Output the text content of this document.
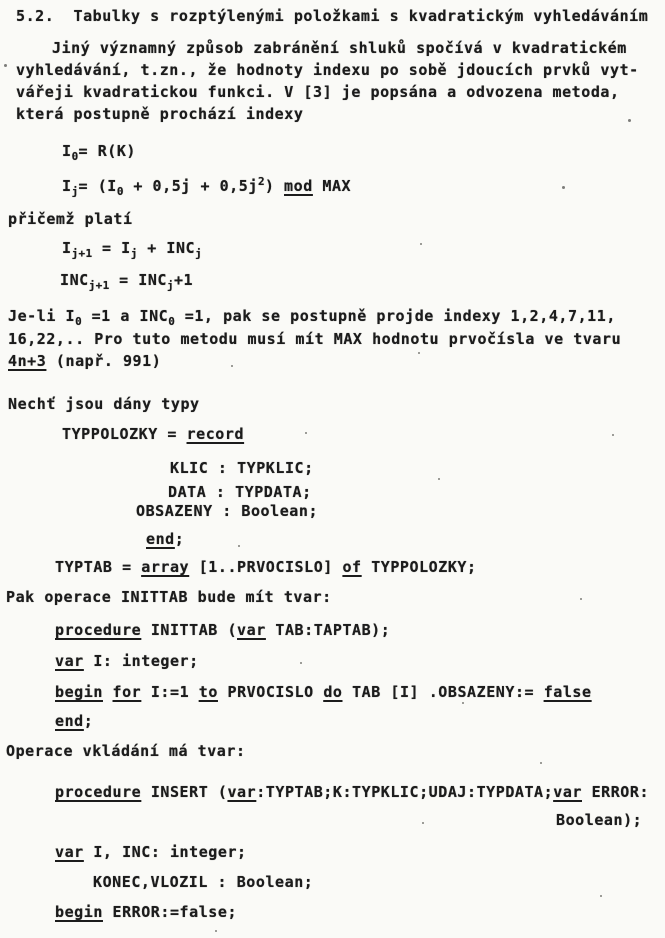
5.2.  Tabulky s rozptýlenými položkami s kvadratickým vyhledáváním
Jiný významný způsob zabránění shluků spočívá v kvadratickém
vyhledávání, t.zn., že hodnoty indexu po sobě jdoucích prvků vyt-
vářeji kvadratickou funkci. V [3] je popsána a odvozena metoda,
která postupně prochází indexy
$I_0= R(K)$
$I_j= (I_0 + 0,5j + 0,5j^2)$ mod MAX
přičemž platí
$I_{j+1} = I_j + INC_j$
$INC_{j+1} = INC_j+1$
Je-li $I_0 =1$ a $INC_0 =1$, pak se postupně projde indexy 1,2,4,7,11,
16,22,.. Pro tuto metodu musí mít MAX hodnotu prvočísla ve tvaru
4n+3 (např. 991)
Nechť jsou dány typy
TYPPOLOZKY = record
KLIC : TYPKLIC;
DATA : TYPDATA;
OBSAZENY : Boolean;
end;
TYPTAB = array [1..PRVOCISLO] of TYPPOLOZKY;
Pak operace INITTAB bude mít tvar:
procedure INITTAB (var TAB:TAPTAB);
var I: integer;
begin for I:=1 to PRVOCISLO do TAB [I] .OBSAZENY:= false
end;
Operace vkládání má tvar:
procedure INSERT (var:TYPTAB;K:TYPKLIC;UDAJ:TYPDATA;var ERROR:
Boolean);
var I, INC: integer;
KONEC,VLOZIL : Boolean;
begin ERROR:=false;
